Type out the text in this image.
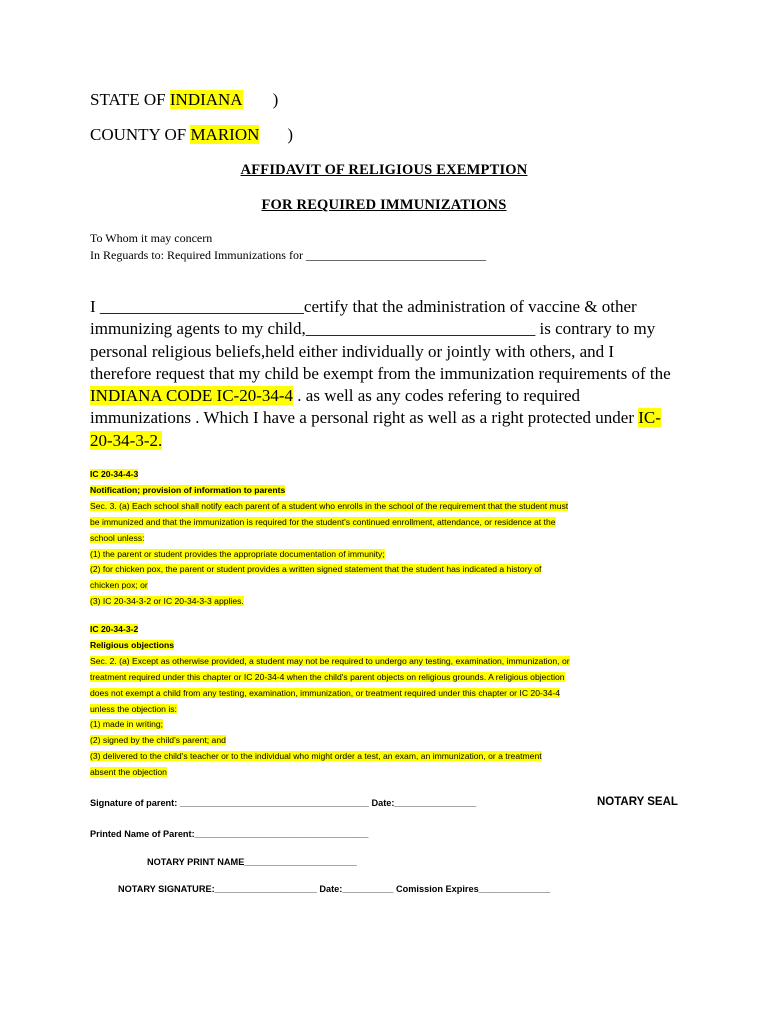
STATE OF INDIANA )
COUNTY OF MARION )
AFFIDAVIT OF RELIGIOUS EXEMPTION
FOR REQUIRED IMMUNIZATIONS
To Whom it may concern
In Reguards to: Required Immunizations for ______________________________
I ________________________certify that the administration of vaccine & other
immunizing agents to my child,___________________________ is contrary to my
personal religious beliefs,held either individually or jointly with others, and I
therefore request that my child be exempt from the immunization requirements of the
INDIANA CODE IC-20-34-4 . as well as any codes refering to required
immunizations . Which I have a personal right as well as a right protected under IC-
20-34-3-2.
IC 20-34-4-3
Notification; provision of information to parents
Sec. 3. (a) Each school shall notify each parent of a student who enrolls in the school of the requirement that the student must
be immunized and that the immunization is required for the student's continued enrollment, attendance, or residence at the
school unless:
(1) the parent or student provides the appropriate documentation of immunity;
(2) for chicken pox, the parent or student provides a written signed statement that the student has indicated a history of
chicken pox; or
(3) IC 20-34-3-2 or IC 20-34-3-3 applies.
IC 20-34-3-2
Religious objections
Sec. 2. (a) Except as otherwise provided, a student may not be required to undergo any testing, examination, immunization, or
treatment required under this chapter or IC 20-34-4 when the child's parent objects on religious grounds. A religious objection
does not exempt a child from any testing, examination, immunization, or treatment required under this chapter or IC 20-34-4
unless the objection is:
(1) made in writing;
(2) signed by the child's parent; and
(3) delivered to the child's teacher or to the individual who might order a test, an exam, an immunization, or a treatment
absent the objection
Signature of parent: _____________________________________ Date:________________	NOTARY SEAL
Printed Name of Parent:__________________________________
NOTARY PRINT NAME______________________
NOTARY SIGNATURE:____________________ Date:__________ Comission Expires______________
